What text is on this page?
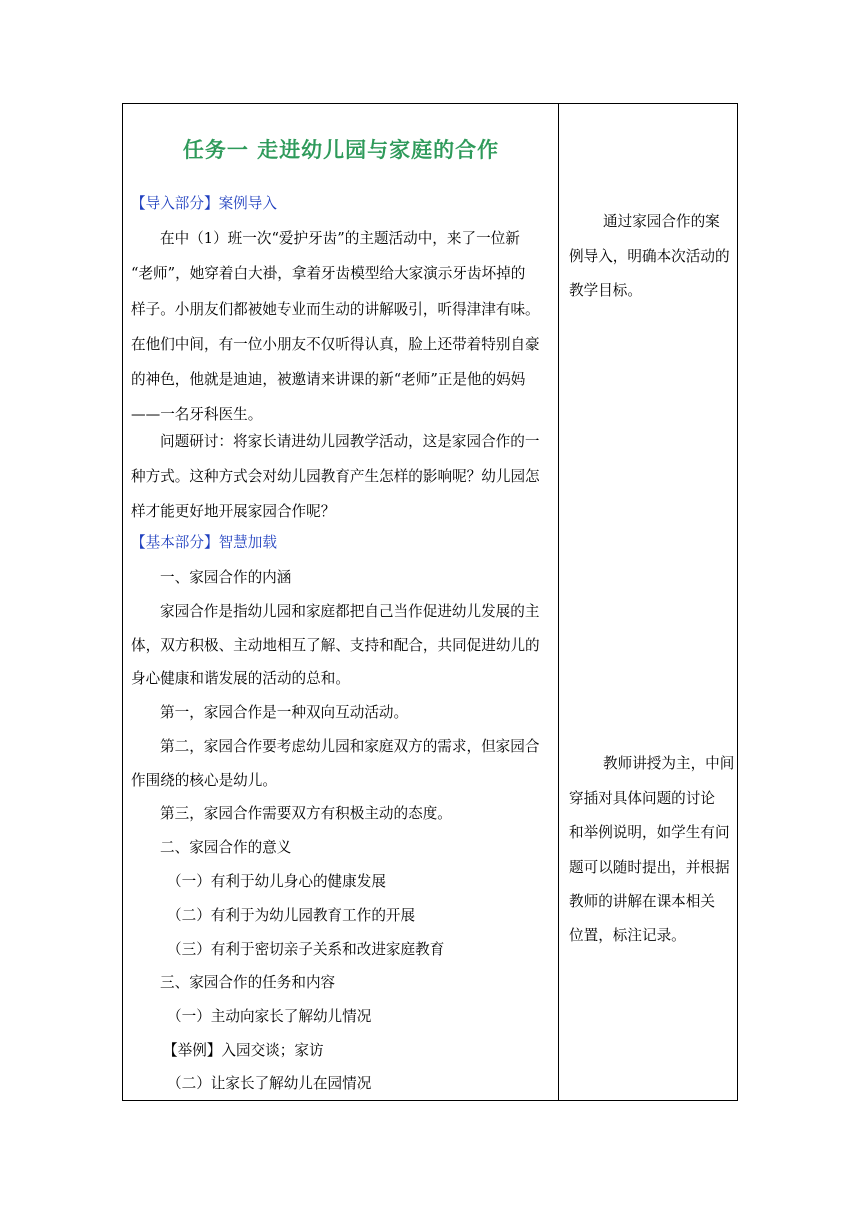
任务一 走进幼儿园与家庭的合作
【导入部分】案例导入
在中（1）班一次“爱护牙齿”的主题活动中，来了一位新
“老师”，她穿着白大褂，拿着牙齿模型给大家演示牙齿坏掉的
样子。小朋友们都被她专业而生动的讲解吸引，听得津津有味。
在他们中间，有一位小朋友不仅听得认真，脸上还带着特别自豪
的神色，他就是迪迪，被邀请来讲课的新“老师”正是他的妈妈
——一名牙科医生。
问题研讨：将家长请进幼儿园教学活动，这是家园合作的一
种方式。这种方式会对幼儿园教育产生怎样的影响呢？幼儿园怎
样才能更好地开展家园合作呢？
【基本部分】智慧加载
一、家园合作的内涵
家园合作是指幼儿园和家庭都把自己当作促进幼儿发展的主
体，双方积极、主动地相互了解、支持和配合，共同促进幼儿的
身心健康和谐发展的活动的总和。
第一，家园合作是一种双向互动活动。
第二，家园合作要考虑幼儿园和家庭双方的需求，但家园合
作围绕的核心是幼儿。
第三，家园合作需要双方有积极主动的态度。
二、家园合作的意义
（一）有利于幼儿身心的健康发展
（二）有利于为幼儿园教育工作的开展
（三）有利于密切亲子关系和改进家庭教育
三、家园合作的任务和内容
（一）主动向家长了解幼儿情况
【举例】入园交谈；家访
（二）让家长了解幼儿在园情况
通过家园合作的案
例导入，明确本次活动的
教学目标。
教师讲授为主，中间
穿插对具体问题的讨论
和举例说明，如学生有问
题可以随时提出，并根据
教师的讲解在课本相关
位置，标注记录。
